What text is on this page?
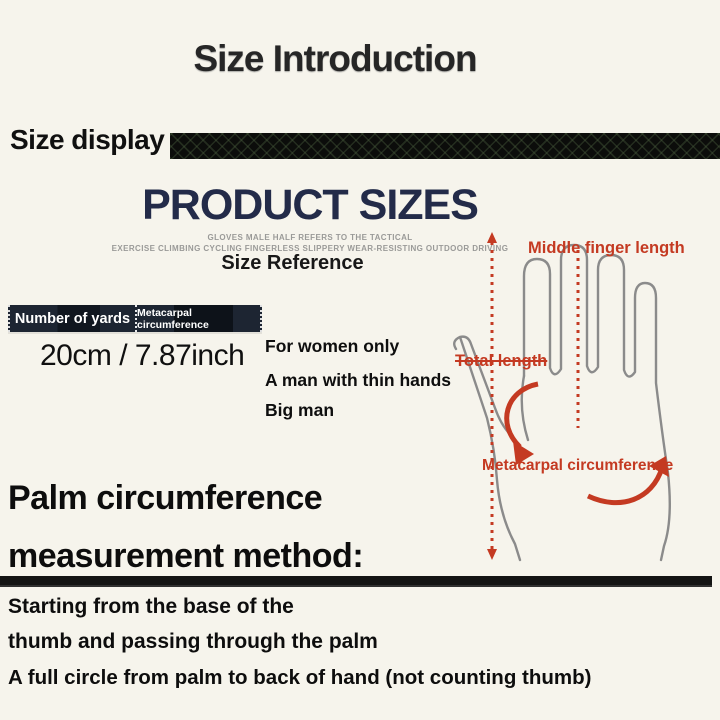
Size Introduction
Size display
PRODUCT SIZES
GLOVES MALE HALF REFERS TO THE TACTICAL
EXERCISE CLIMBING CYCLING FINGERLESS SLIPPERY WEAR-RESISTING OUTDOOR DRIVING
Size Reference
Number of yards Metacarpal circumference
20cm / 7.87inch For women only
A man with thin hands
Big man
Middle finger length
Total length
Metacarpal circumference
Palm circumference
measurement method:
Starting from the base of the
thumb and passing through the palm
A full circle from palm to back of hand (not counting thumb)
